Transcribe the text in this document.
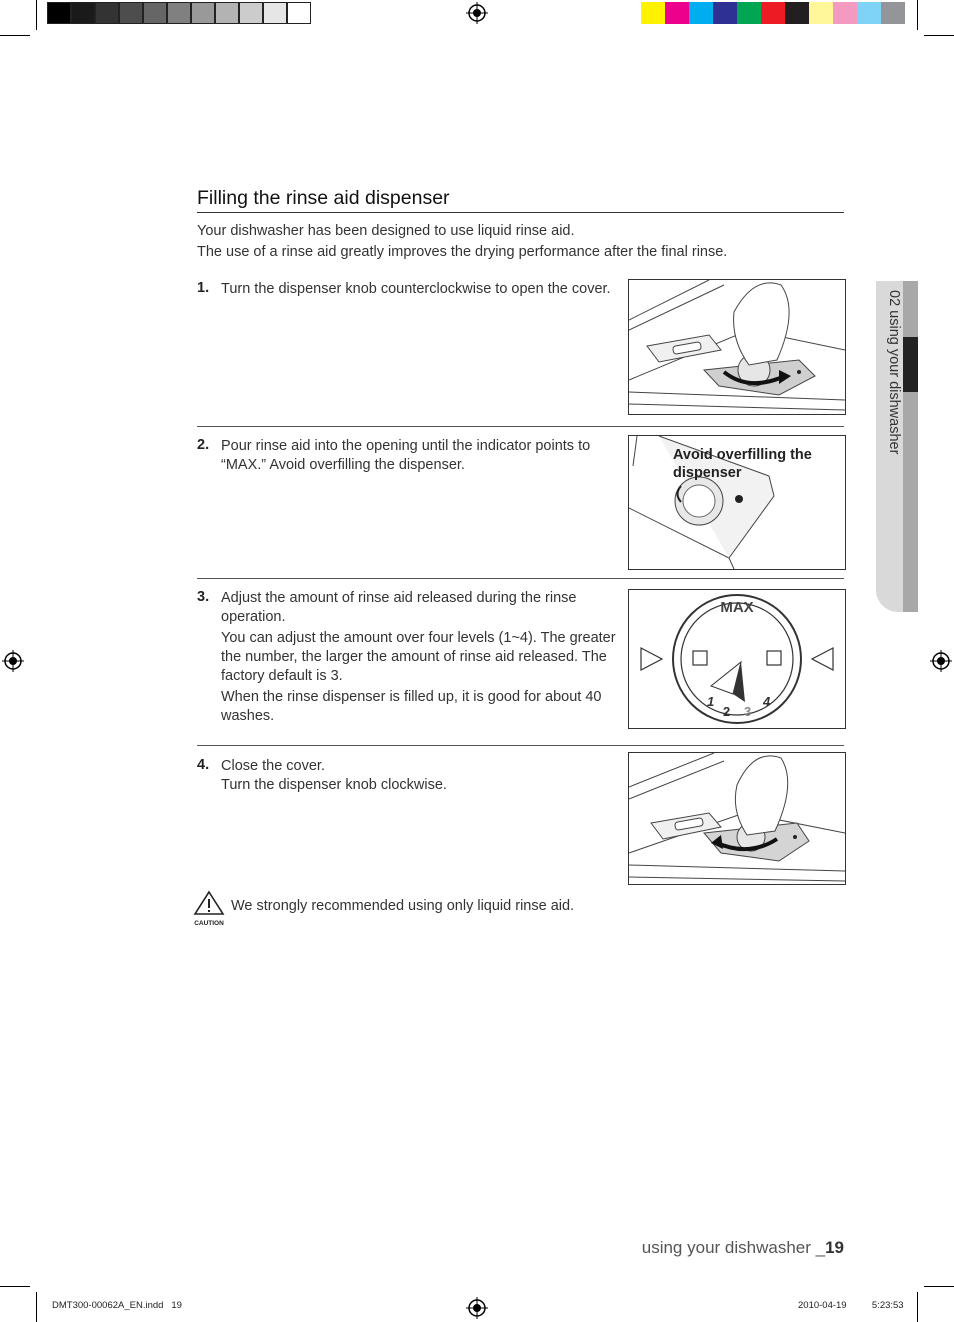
02 using your dishwasher
Filling the rinse aid dispenser
Your dishwasher has been designed to use liquid rinse aid.
The use of a rinse aid greatly improves the drying performance after the final rinse.
1. Turn the dispenser knob counterclockwise to open the cover.

2. Pour rinse aid into the opening until the indicator points to “MAX.” Avoid overfilling the dispenser.

Avoid overfilling the dispenser
3. Adjust the amount of rinse aid released during the rinse operation.

You can adjust the amount over four levels (1~4). The greater the number, the larger the amount of rinse aid released. The factory default is 3.

When the rinse dispenser is filled up, it is good for about 40 washes.

MAX
1
2 3
4
4. Close the cover.

Turn the dispenser knob clockwise.

CAUTION
We strongly recommended using only liquid rinse aid.
using your dishwasher _19
DMT300-00062A_EN.indd   19	2010-04-19	5:23:53
